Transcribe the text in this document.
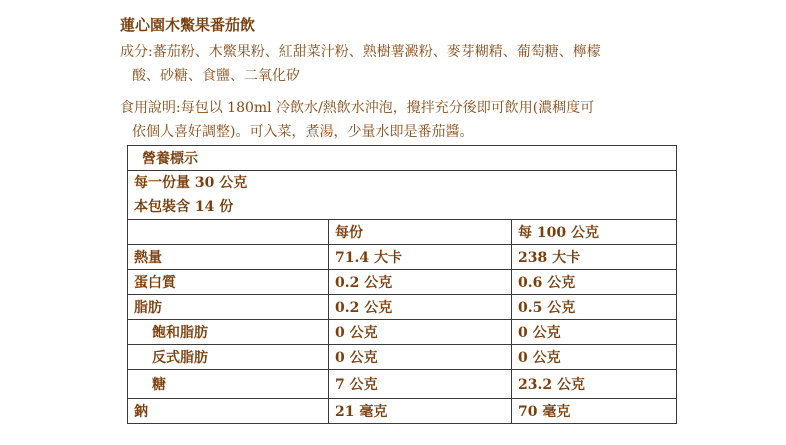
蓮心園木鱉果番茄飲
成分:蕃茄粉、木鱉果粉、紅甜菜汁粉、熟樹薯澱粉、麥芽糊精、葡萄糖、檸檬
酸、砂糖、食鹽、二氧化矽
食用說明:每包以 180ml 冷飲水/熱飲水沖泡，攪拌充分後即可飲用(濃稠度可
依個人喜好調整)。可入菜，煮湯，少量水即是番茄醬。
營養標示		

每一份量 30 公克
本包裝含 14 份		

	每份	每 100 公克
熱量	71.4 大卡	238 大卡
蛋白質	0.2 公克	0.6 公克
脂肪	0.2 公克	0.5 公克
飽和脂肪	0 公克	0 公克
反式脂肪	0 公克	0 公克
糖	7 公克	23.2 公克
鈉	21 毫克	70 毫克
